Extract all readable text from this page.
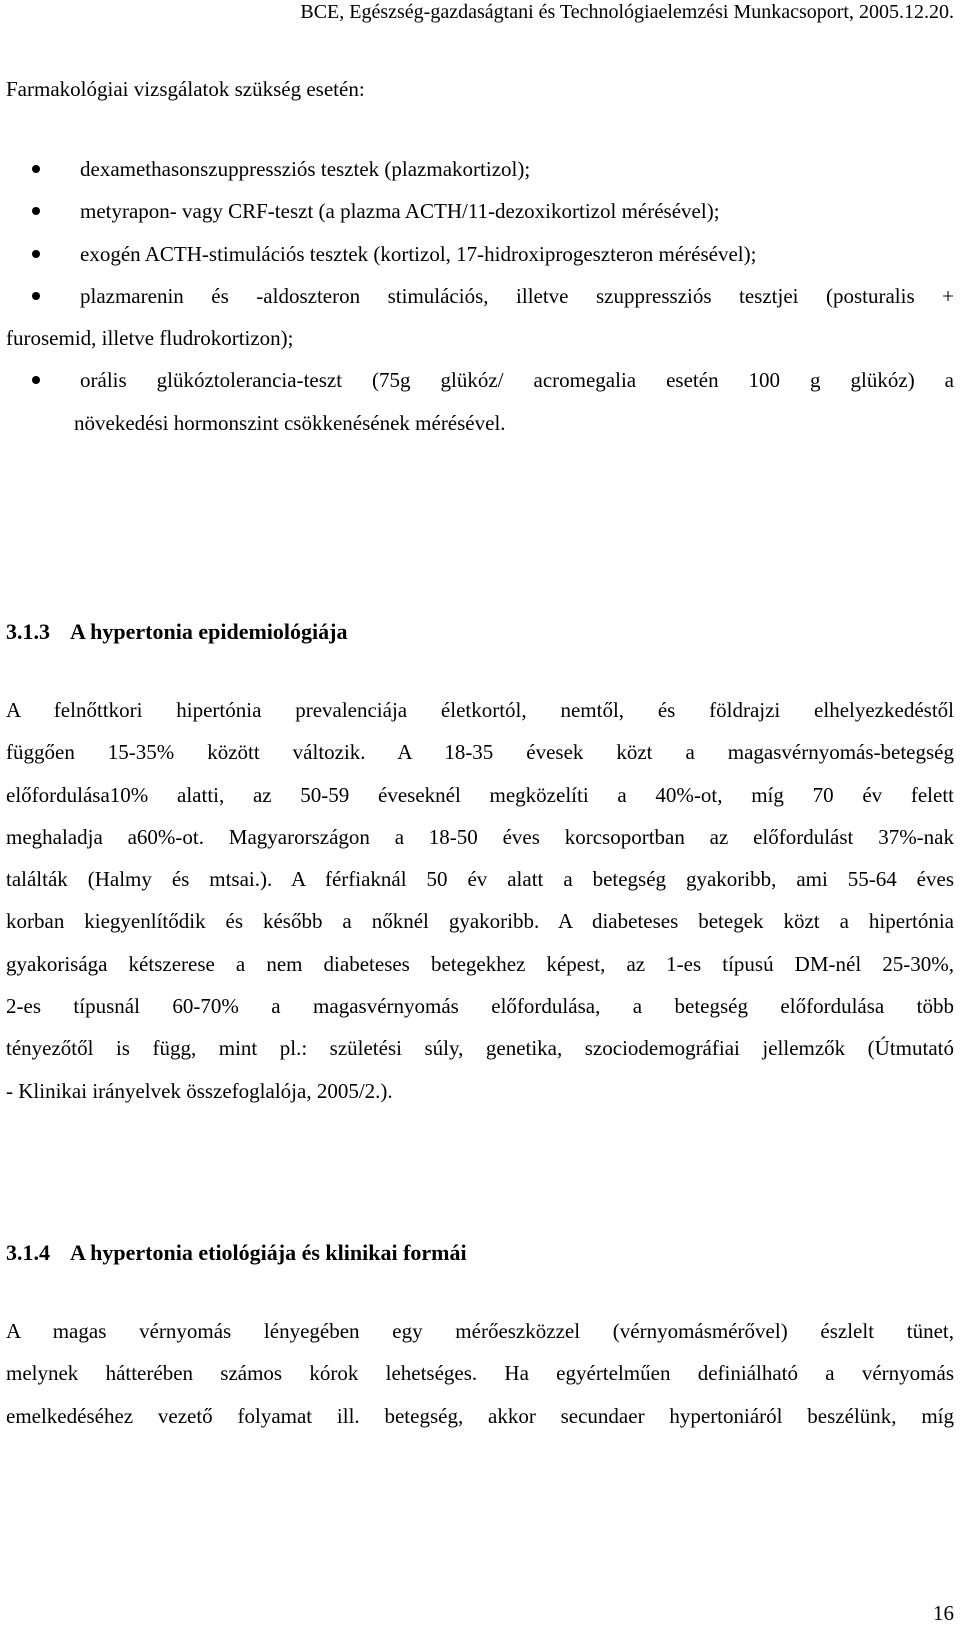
BCE, Egészség-gazdaságtani és Technológiaelemzési Munkacsoport, 2005.12.20.
Farmakológiai vizsgálatok szükség esetén:
dexamethasonszuppressziós tesztek (plazmakortizol);
metyrapon- vagy CRF-teszt (a plazma ACTH/11-dezoxikortizol mérésével);
exogén ACTH-stimulációs tesztek (kortizol, 17-hidroxiprogeszteron mérésével);
plazmarenin és -aldoszteron stimulációs, illetve szuppressziós tesztjei (posturalis +
furosemid, illetve fludrokortizon);
orális glükóztolerancia-teszt (75g glükóz/ acromegalia esetén 100 g glükóz) a
növekedési hormonszint csökkenésének mérésével.
3.1.3 A hypertonia epidemiológiája
A felnőttkori hipertónia prevalenciája életkortól, nemtől, és földrajzi elhelyezkedéstől
függően 15-35% között változik. A 18-35 évesek közt a magasvérnyomás-betegség
előfordulása10% alatti, az 50-59 éveseknél megközelíti a 40%-ot, míg 70 év felett
meghaladja a60%-ot. Magyarországon a 18-50 éves korcsoportban az előfordulást 37%-nak
találták (Halmy és mtsai.). A férfiaknál 50 év alatt a betegség gyakoribb, ami 55-64 éves
korban kiegyenlítődik és később a nőknél gyakoribb. A diabeteses betegek közt a hipertónia
gyakorisága kétszerese a nem diabeteses betegekhez képest, az 1-es típusú DM-nél 25-30%,
2-es típusnál 60-70% a magasvérnyomás előfordulása, a betegség előfordulása több
tényezőtől is függ, mint pl.: születési súly, genetika, szociodemográfiai jellemzők (Útmutató
- Klinikai irányelvek összefoglalója, 2005/2.).
3.1.4 A hypertonia etiológiája és klinikai formái
A magas vérnyomás lényegében egy mérőeszközzel (vérnyomásmérővel) észlelt tünet,
melynek hátterében számos kórok lehetséges. Ha egyértelműen definiálható a vérnyomás
emelkedéséhez vezető folyamat ill. betegség, akkor secundaer hypertoniáról beszélünk, míg
16
